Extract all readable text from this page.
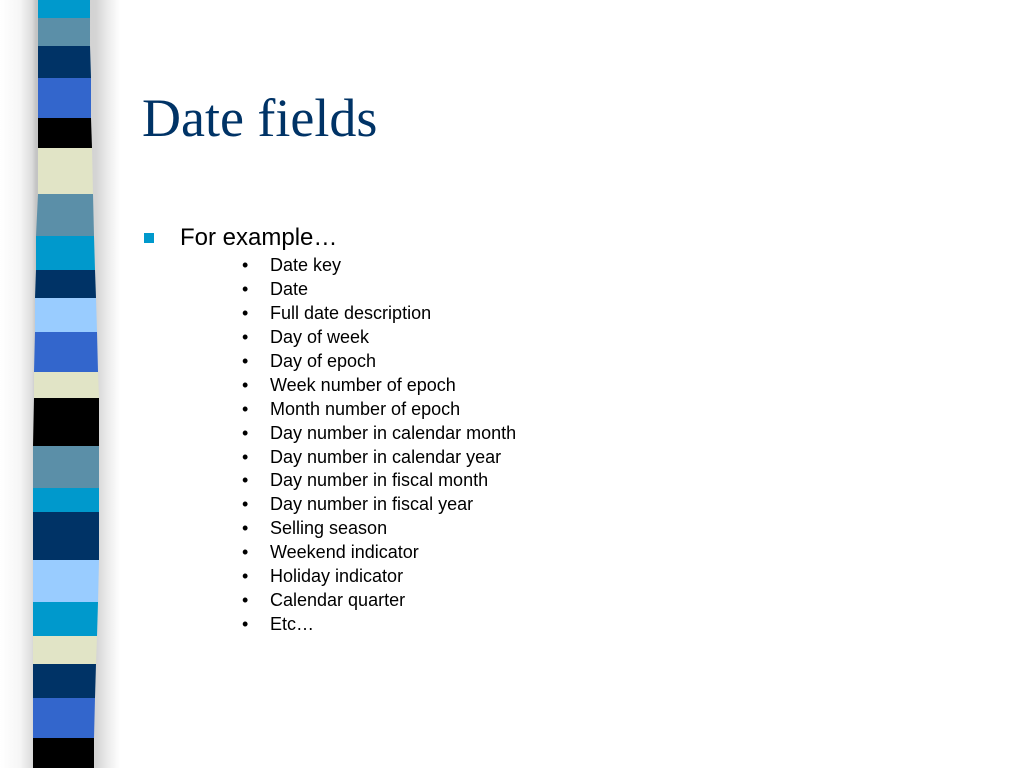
Date fields
For example…
•	Date key
•	Date
•	Full date description
•	Day of week
•	Day of epoch
•	Week number of epoch
•	Month number of epoch
•	Day number in calendar month
•	Day number in calendar year
•	Day number in fiscal month
•	Day number in fiscal year
•	Selling season
•	Weekend indicator
•	Holiday indicator
•	Calendar quarter
•	Etc…
